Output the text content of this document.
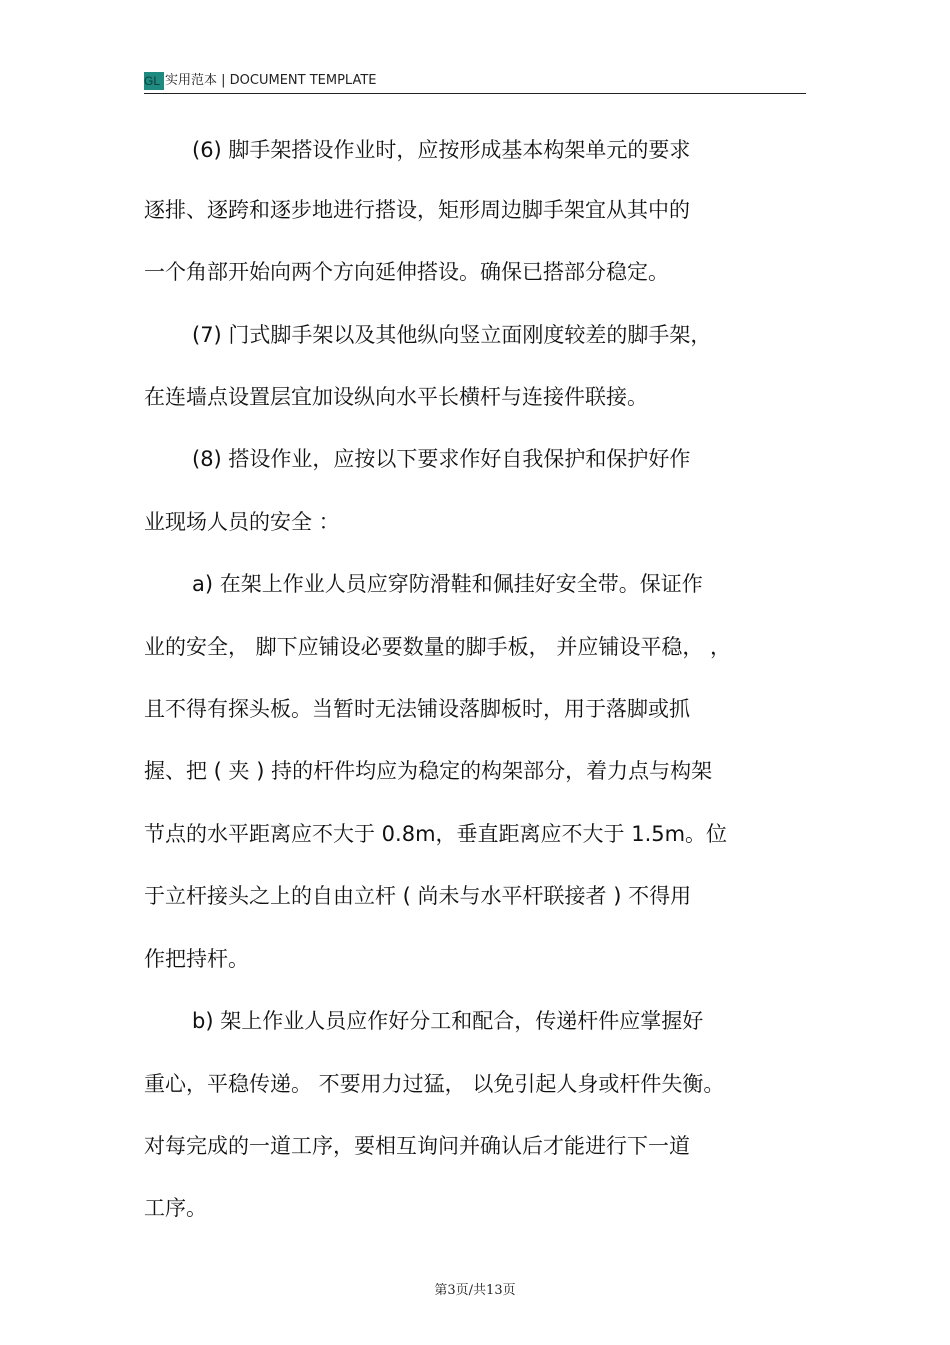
GL 实用范本 | DOCUMENT TEMPLATE
(6) 脚手架搭设作业时，应按形成基本构架单元的要求
逐排、逐跨和逐步地进行搭设，矩形周边脚手架宜从其中的
一个角部开始向两个方向延伸搭设。确保已搭部分稳定。
(7) 门式脚手架以及其他纵向竖立面刚度较差的脚手架，
在连墙点设置层宜加设纵向水平长横杆与连接件联接。
(8) 搭设作业，应按以下要求作好自我保护和保护好作
业现场人员的安全 ：
a) 在架上作业人员应穿防滑鞋和佩挂好安全带。保证作
业的安全， 脚下应铺设必要数量的脚手板， 并应铺设平稳， ，
且不得有探头板。当暂时无法铺设落脚板时，用于落脚或抓
握、把 ( 夹 ) 持的杆件均应为稳定的构架部分，着力点与构架
节点的水平距离应不大于 0.8m，垂直距离应不大于 1.5m。位
于立杆接头之上的自由立杆 ( 尚未与水平杆联接者 ) 不得用
作把持杆。
b) 架上作业人员应作好分工和配合，传递杆件应掌握好
重心，平稳传递。 不要用力过猛， 以免引起人身或杆件失衡。
对每完成的一道工序，要相互询问并确认后才能进行下一道
工序。
第3页/共13页
